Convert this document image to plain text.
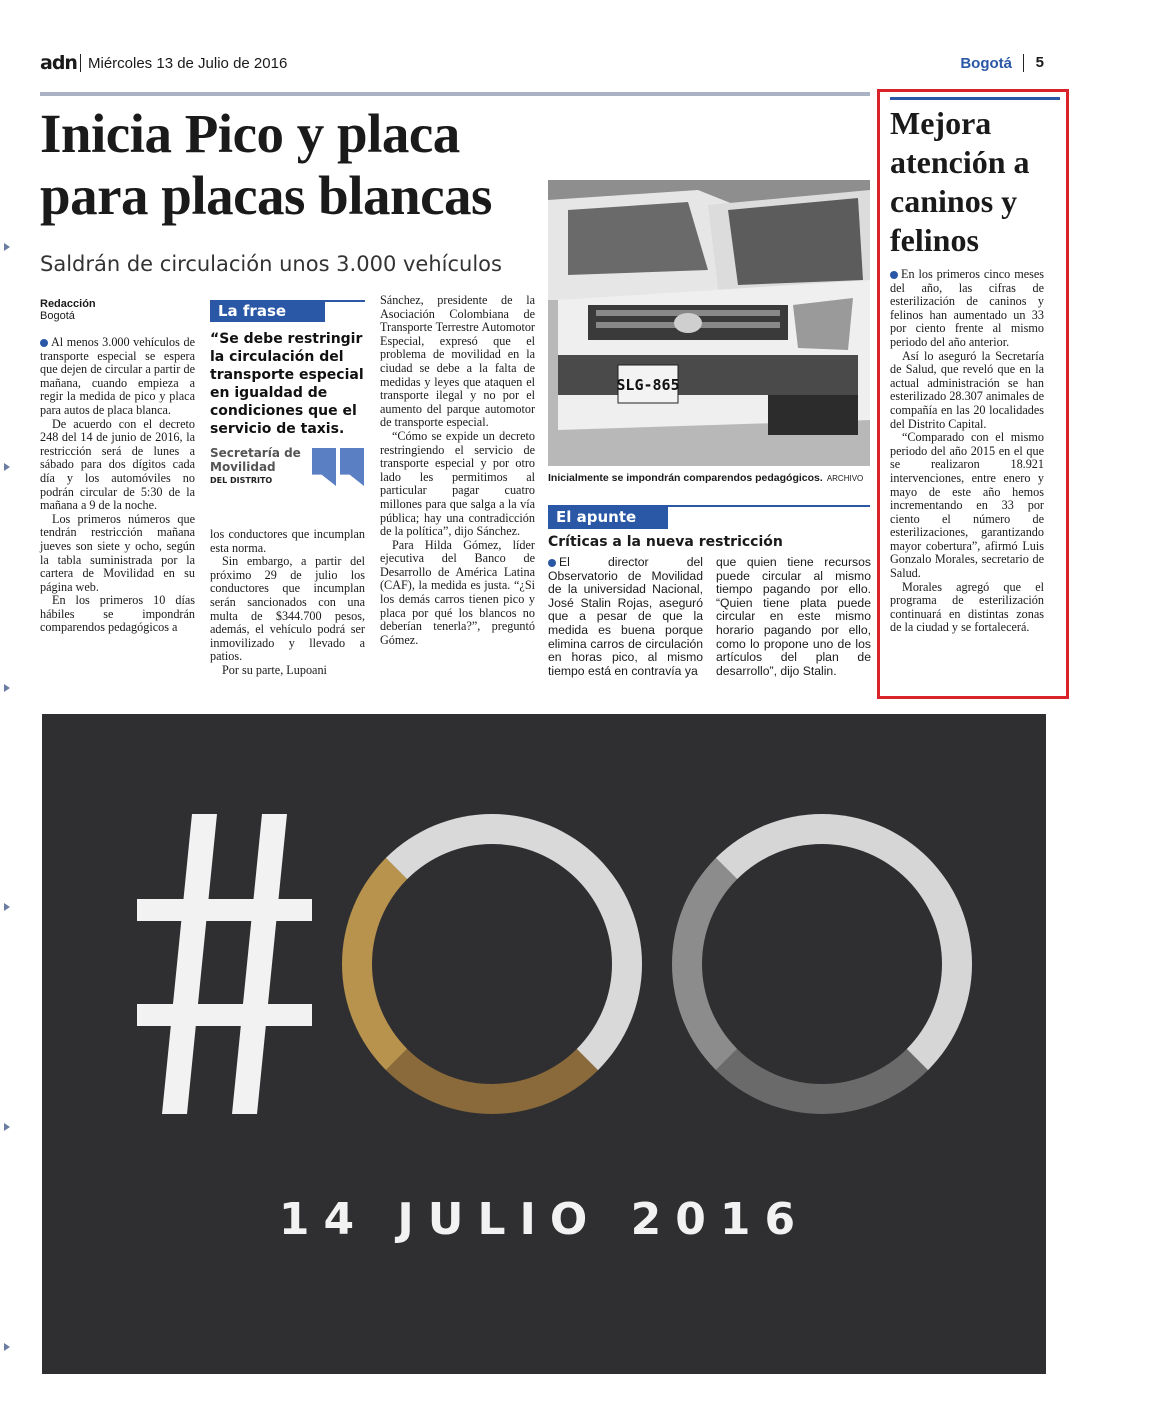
adn Miércoles 13 de Julio de 2016	Bogotá 5
Inicia Pico y placa para placas blancas
Saldrán de circulación unos 3.000 vehículos
Redacción
Bogotá

Al menos 3.000 vehículos de transporte especial se espera que dejen de circular a partir de mañana, cuando empieza a regir la medida de pico y placa para autos de placa blanca.

De acuerdo con el decreto 248 del 14 de junio de 2016, la restricción será de lunes a sábado para dos dígitos cada día y los automóviles no podrán circular de 5:30 de la mañana a 9 de la noche.

Los primeros números que tendrán restricción mañana jueves son siete y ocho, según la tabla suministrada por la cartera de Movilidad en su página web.

En los primeros 10 días hábiles se impondrán comparendos pedagógicos a

La frase
“Se debe restringir la circulación del transporte especial en igualdad de condiciones que el servicio de taxis.
Secretaría de
Movilidad
DEL DISTRITO

los conductores que incumplan esta norma.

Sin embargo, a partir del próximo 29 de julio los conductores que incumplan serán sancionados con una multa de $344.700 pesos, además, el vehículo podrá ser inmovilizado y llevado a patios.

Por su parte, Lupoani

Sánchez, presidente de la Asociación Colombiana de Transporte Terrestre Automotor Especial, expresó que el problema de movilidad en la ciudad se debe a la falta de medidas y leyes que ataquen el transporte ilegal y no por el aumento del parque automotor de transporte especial.

“Cómo se expide un decreto restringiendo el servicio de transporte especial y por otro lado les permitimos al particular pagar cuatro millones para que salga a la vía pública; hay una contradicción de la política”, dijo Sánchez.

Para Hilda Gómez, líder ejecutiva del Banco de Desarrollo de América Latina (CAF), la medida es justa. “¿Si los demás carros tienen pico y placa por qué los blancos no deberían tenerla?”, preguntó Gómez.

SLG-865
Inicialmente se impondrán comparendos pedagógicos. ARCHIVO
El apunte
Críticas a la nueva restricción

El director del Observatorio de Movilidad de la universidad Nacional, José Stalin Rojas, aseguró que a pesar de que la medida es buena porque elimina carros de circulación en horas pico, al mismo tiempo está en contravía ya

que quien tiene recursos puede circular al mismo tiempo pagando por ello. “Quien tiene plata puede circular en este mismo horario pagando por ello, como lo propone uno de los artículos del plan de desarrollo”, dijo Stalin.

Mejora atención a caninos y felinos

En los primeros cinco meses del año, las cifras de esterilización de caninos y felinos han aumentado un 33 por ciento frente al mismo periodo del año anterior.

Así lo aseguró la Secretaría de Salud, que reveló que en la actual administración se han esterilizado 28.307 animales de compañía en las 20 localidades del Distrito Capital.

“Comparado con el mismo periodo del año 2015 en el que se realizaron 18.921 intervenciones, entre enero y mayo de este año hemos incrementando en 33 por ciento el número de esterilizaciones, garantizando mayor cobertura”, afirmó Luis Gonzalo Morales, secretario de Salud.

Morales agregó que el programa de esterilización continuará en distintas zonas de la ciudad y se fortalecerá.

14 JULIO 2016
